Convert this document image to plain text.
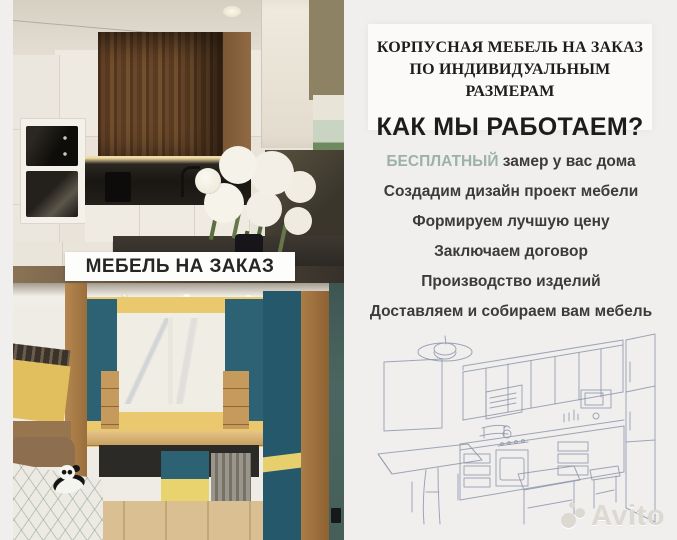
МЕБЕЛЬ НА ЗАКАЗ
КОРПУСНАЯ МЕБЕЛЬ НА ЗАКАЗ
ПО ИНДИВИДУАЛЬНЫМ РАЗМЕРАМ
КАК МЫ РАБОТАЕМ?
БЕСПЛАТНЫЙ замер у вас дома
Создадим дизайн проект мебели
Формируем лучшую цену
Заключаем договор
Производство изделий
Доставляем и собираем вам мебель
Avito
